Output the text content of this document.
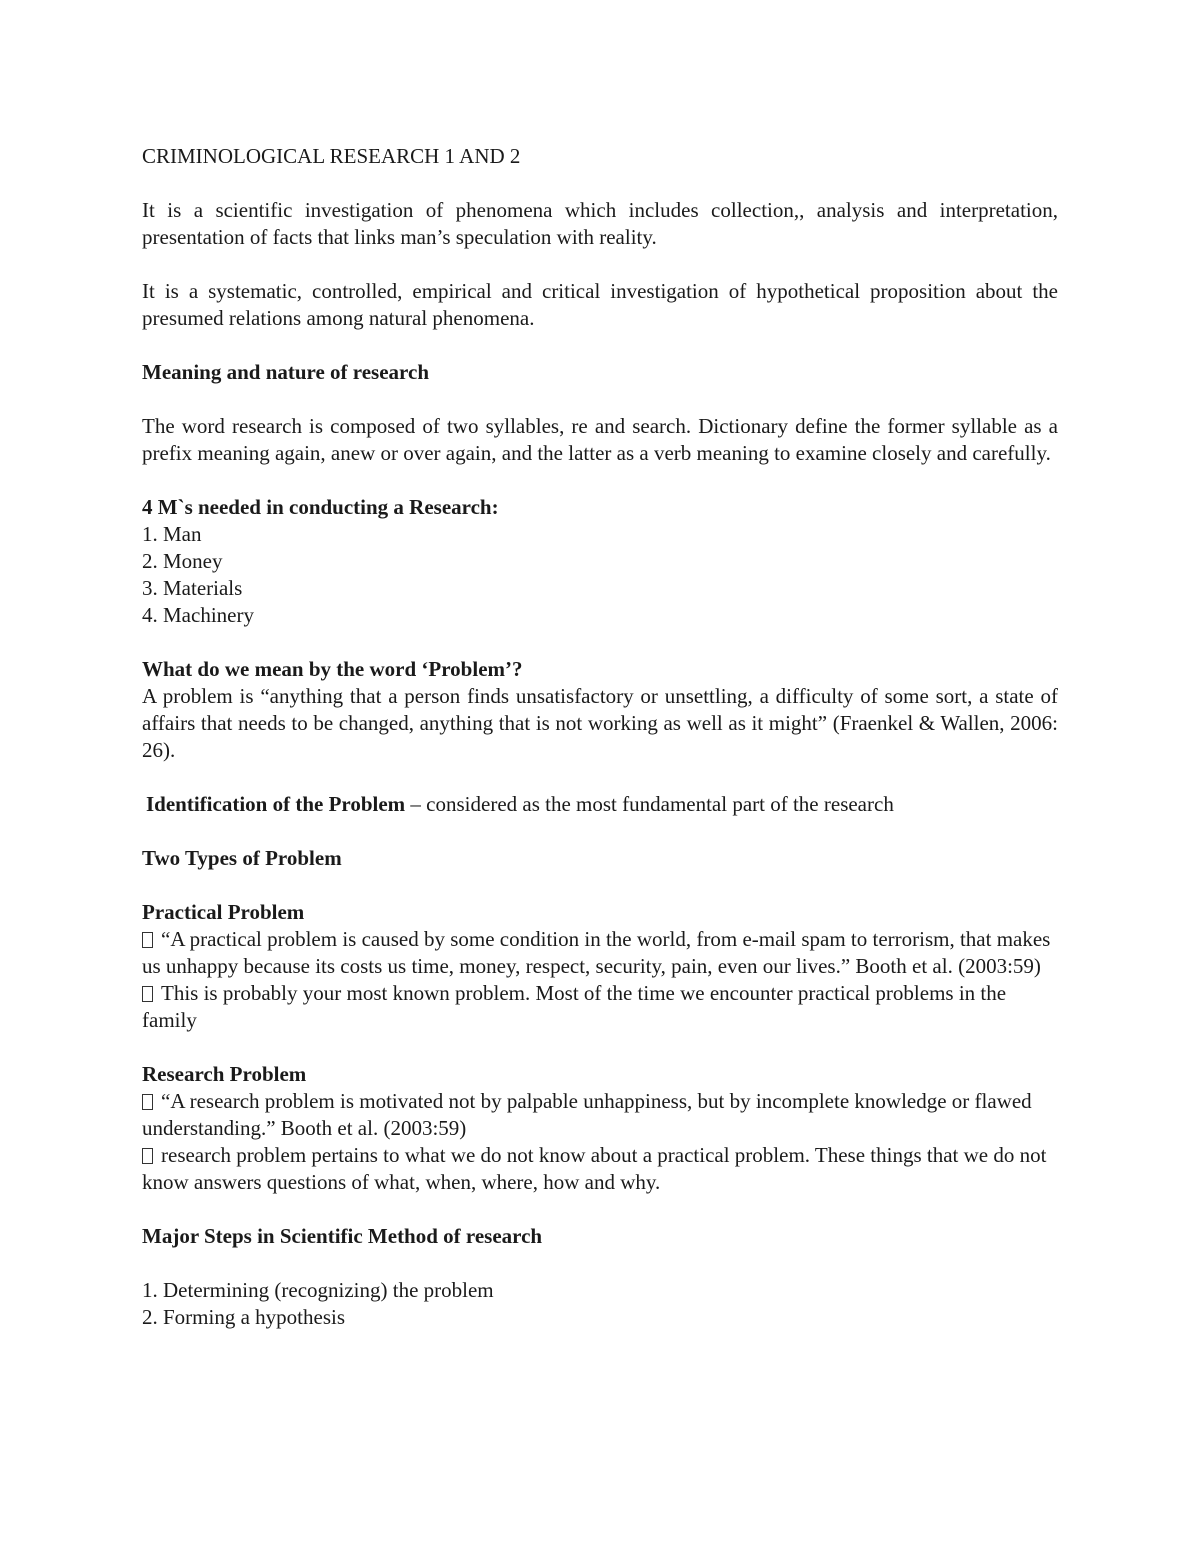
CRIMINOLOGICAL RESEARCH 1 AND 2

It is a scientific investigation of phenomena which includes collection,, analysis and interpretation, presentation of facts that links man’s speculation with reality.

It is a systematic, controlled, empirical and critical investigation of hypothetical proposition about the presumed relations among natural phenomena.

Meaning and nature of research

The word research is composed of two syllables, re and search. Dictionary define the former syllable as a prefix meaning again, anew or over again, and the latter as a verb meaning to examine closely and carefully.

4 M`s needed in conducting a Research:

1. Man

2. Money

3. Materials

4. Machinery

What do we mean by the word ‘Problem’?

A problem is “anything that a person finds unsatisfactory or unsettling, a difficulty of some sort, a state of affairs that needs to be changed, anything that is not working as well as it might” (Fraenkel & Wallen, 2006: 26).

Identification of the Problem – considered as the most fundamental part of the research

Two Types of Problem

Practical Problem

“A practical problem is caused by some condition in the world, from e-mail spam to terrorism, that makes us unhappy because its costs us time, money, respect, security, pain, even our lives.” Booth et al. (2003:59)

This is probably your most known problem. Most of the time we encounter practical problems in the family

Research Problem

“A research problem is motivated not by palpable unhappiness, but by incomplete knowledge or flawed understanding.” Booth et al. (2003:59)

research problem pertains to what we do not know about a practical problem. These things that we do not know answers questions of what, when, where, how and why.

Major Steps in Scientific Method of research

1. Determining (recognizing) the problem

2. Forming a hypothesis
